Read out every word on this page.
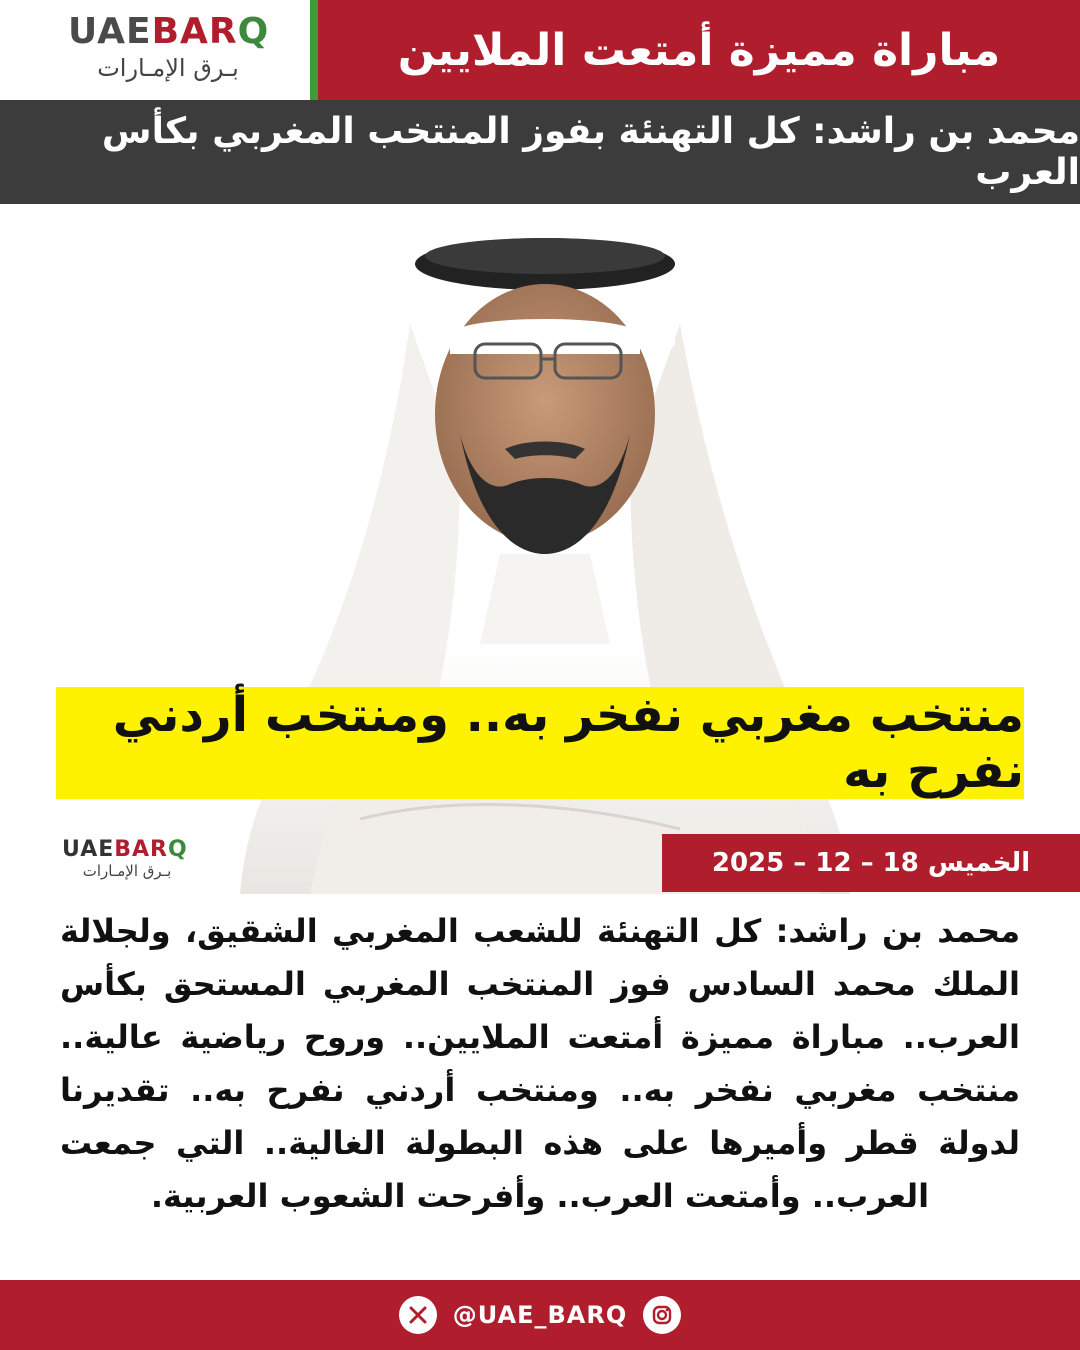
UAEBARQ
بـرق الإمـارات	مباراة مميزة أمتعت الملايين
محمد بن راشد: كل التهنئة بفوز المنتخب المغربي بكأس العرب
منتخب مغربي نفخر به.. ومنتخب أردني نفرح به
UAEBARQ
بـرق الإمـارات	الخميس 18 – 12 – 2025
محمد بن راشد: كل التهنئة للشعب المغربي الشقيق، ولجلالة الملك محمد السادس فوز المنتخب المغربي المستحق بكأس العرب.. مباراة مميزة أمتعت الملايين.. وروح رياضية عالية.. منتخب مغربي نفخر به.. ومنتخب أردني نفرح به.. تقديرنا لدولة قطر وأميرها على هذه البطولة الغالية.. التي جمعت العرب.. وأمتعت العرب.. وأفرحت الشعوب العربية.
@UAE_BARQ
